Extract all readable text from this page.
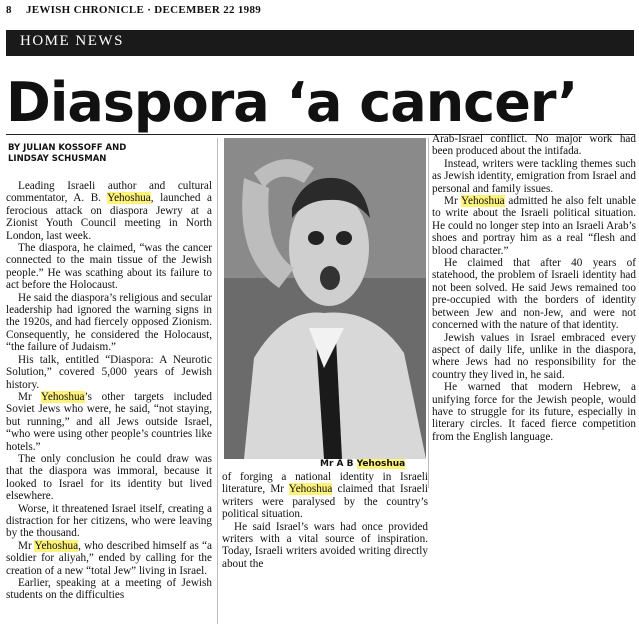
8 JEWISH CHRONICLE · DECEMBER 22 1989
HOME NEWS
Diaspora ‘a cancer’
BY JULIAN KOSSOFF AND
LINDSAY SCHUSMAN

Leading Israeli author and cultural commentator, A. B. Yehoshua, launched a ferocious attack on diaspora Jewry at a Zionist Youth Council meeting in North London, last week.

The diaspora, he claimed, “was the cancer connected to the main tissue of the Jewish people.” He was scathing about its failure to act before the Holocaust.

He said the diaspora’s religious and secular leadership had ignored the warning signs in the 1920s, and had fiercely opposed Zionism. Consequently, he considered the Holocaust, “the failure of Judaism.”

His talk, entitled “Diaspora: A Neurotic Solution,” covered 5,000 years of Jewish history.

Mr Yehoshua’s other targets included Soviet Jews who were, he said, “not staying, but running,” and all Jews outside Israel, “who were using other people’s countries like hotels.”

The only conclusion he could draw was that the diaspora was immoral, because it looked to Israel for its identity but lived elsewhere.

Worse, it threatened Israel itself, creating a distraction for her citizens, who were leaving by the thousand.

Mr Yehoshua, who described himself as “a soldier for aliyah,” ended by calling for the creation of a new “total Jew” living in Israel.

Earlier, speaking at a meeting of Jewish students on the difficulties

Mr A B Yehoshua

of forging a national identity in Israeli literature, Mr Yehoshua claimed that Israeli writers were paralysed by the country’s political situation.

He said Israel’s wars had once provided writers with a vital source of inspiration. Today, Israeli writers avoided writing directly about the

Arab-Israel conflict. No major work had been produced about the intifada.

Instead, writers were tackling themes such as Jewish identity, emigration from Israel and personal and family issues.

Mr Yehoshua admitted he also felt unable to write about the Israeli political situation. He could no longer step into an Israeli Arab’s shoes and portray him as a real “flesh and blood character.”

He claimed that after 40 years of statehood, the problem of Israeli identity had not been solved. He said Jews remained too pre-occupied with the borders of identity between Jew and non-Jew, and were not concerned with the nature of that identity.

Jewish values in Israel embraced every aspect of daily life, unlike in the diaspora, where Jews had no responsibility for the country they lived in, he said.

He warned that modern Hebrew, a unifying force for the Jewish people, would have to struggle for its future, especially in literary circles. It faced fierce competition from the English language.
